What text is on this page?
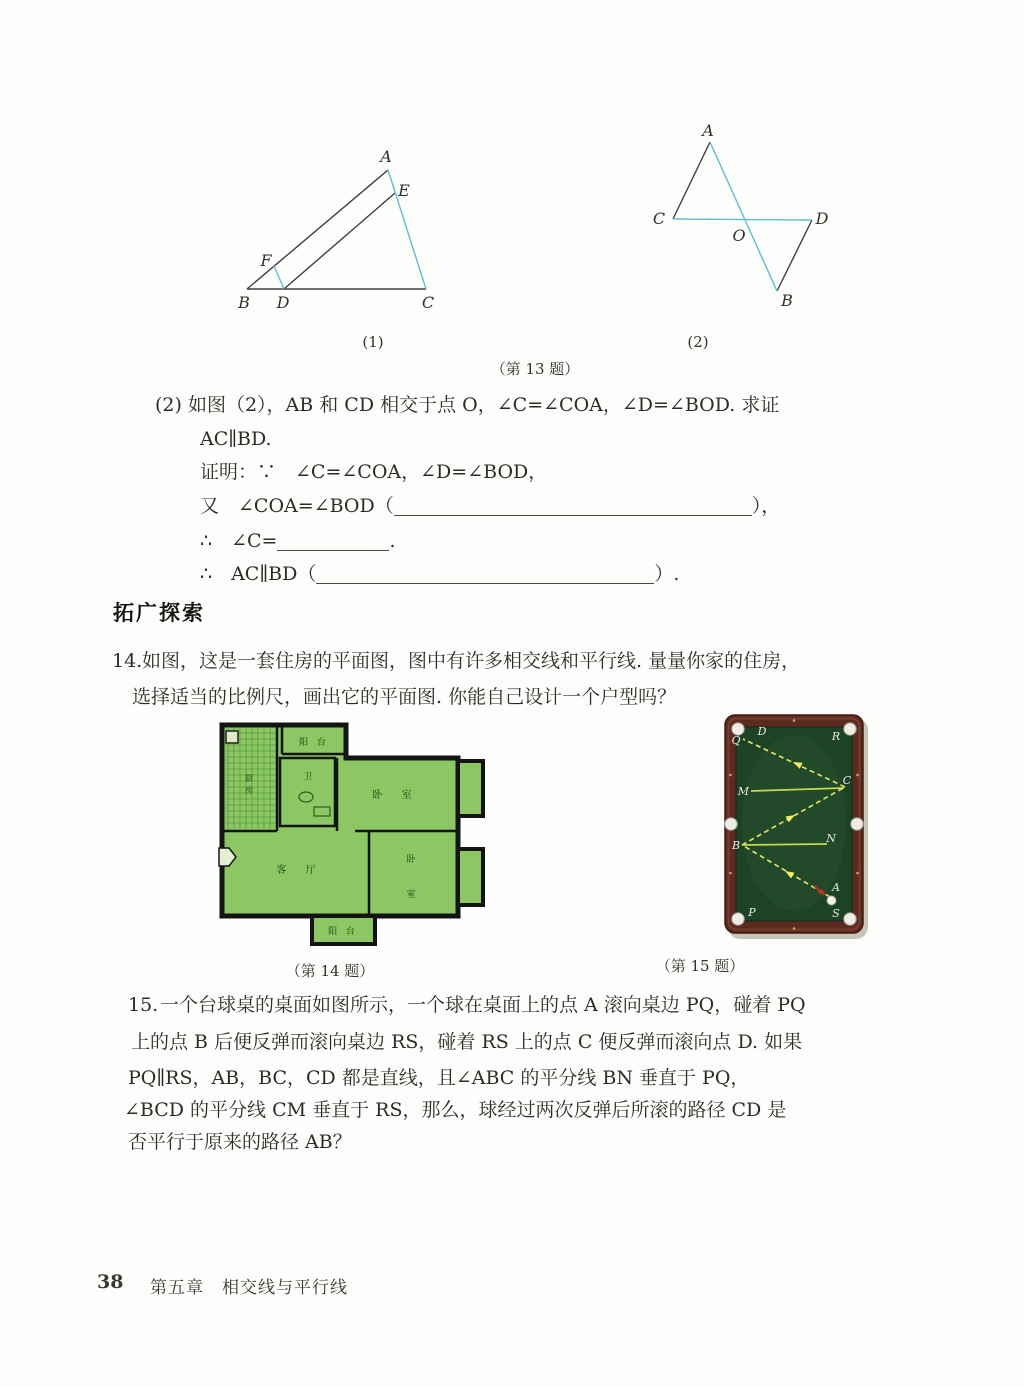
A
E
F
B D	C
(1)
A
C
O
D
B
(2)
（第 13 题）
(2) 如图（2），AB 和 CD 相交于点 O，∠C=∠COA，∠D=∠BOD. 求证
AC∥BD.
证明：∵　∠C=∠COA，∠D=∠BOD，
又　∠COA=∠BOD（	），
∴　∠C=	.
∴　AC∥BD（	）.
拓广探索
14. 如图，这是一套住房的平面图，图中有许多相交线和平行线. 量量你家的住房，
选择适当的比例尺，画出它的平面图. 你能自己设计一个户型吗？
阳 台
厨
房
卫
卧 室
客 厅
卧
室
阳 台
Q
D	R
M
C
B
N
A
P	S
（第 14 题）	（第 15 题）
15. 一个台球桌的桌面如图所示，一个球在桌面上的点 A 滚向桌边 PQ，碰着 PQ
上的点 B 后便反弹而滚向桌边 RS，碰着 RS 上的点 C 便反弹而滚向点 D. 如果
PQ∥RS，AB，BC，CD 都是直线，且∠ABC 的平分线 BN 垂直于 PQ，
∠BCD 的平分线 CM 垂直于 RS，那么，球经过两次反弹后所滚的路径 CD 是
否平行于原来的路径 AB？
38 第五章　相交线与平行线
